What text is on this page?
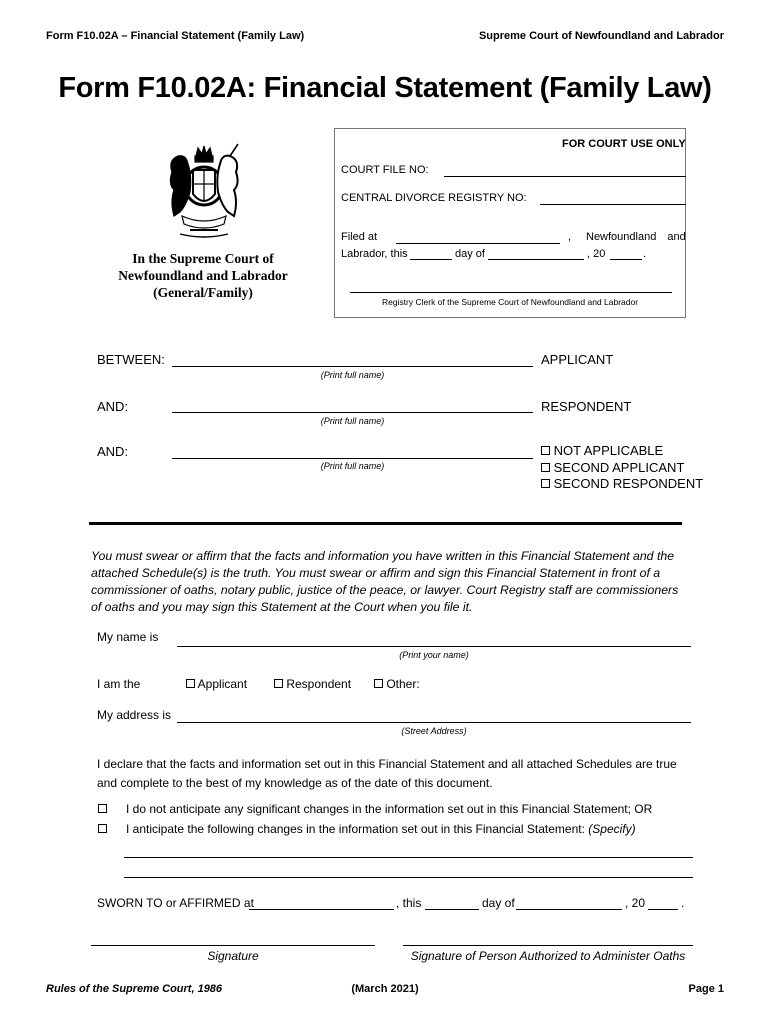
Form F10.02A – Financial Statement (Family Law)	Supreme Court of Newfoundland and Labrador
Form F10.02A: Financial Statement (Family Law)
In the Supreme Court of
Newfoundland and Labrador
(General/Family)
FOR COURT USE ONLY
COURT FILE NO:
CENTRAL DIVORCE REGISTRY NO:
Filed at	, Newfoundland and
Labrador, this	day of	, 20	.
Registry Clerk of the Supreme Court of Newfoundland and Labrador
BETWEEN:
(Print full name)
APPLICANT
AND:
(Print full name)
RESPONDENT
AND:
(Print full name)
NOT APPLICABLE
SECOND APPLICANT
SECOND RESPONDENT
You must swear or affirm that the facts and information you have written in this Financial Statement and the attached Schedule(s) is the truth. You must swear or affirm and sign this Financial Statement in front of a commissioner of oaths, notary public, justice of the peace, or lawyer. Court Registry staff are commissioners of oaths and you may sign this Statement at the Court when you file it.
My name is
(Print your name)
I am the	Applicant	Respondent	Other:
My address is
(Street Address)
I declare that the facts and information set out in this Financial Statement and all attached Schedules are true and complete to the best of my knowledge as of the date of this document.
I do not anticipate any significant changes in the information set out in this Financial Statement; OR
I anticipate the following changes in the information set out in this Financial Statement: (Specify)
SWORN TO or AFFIRMED at	, this	day of	, 20	.
Signature	Signature of Person Authorized to Administer Oaths
Rules of the Supreme Court, 1986	(March 2021)	Page 1
